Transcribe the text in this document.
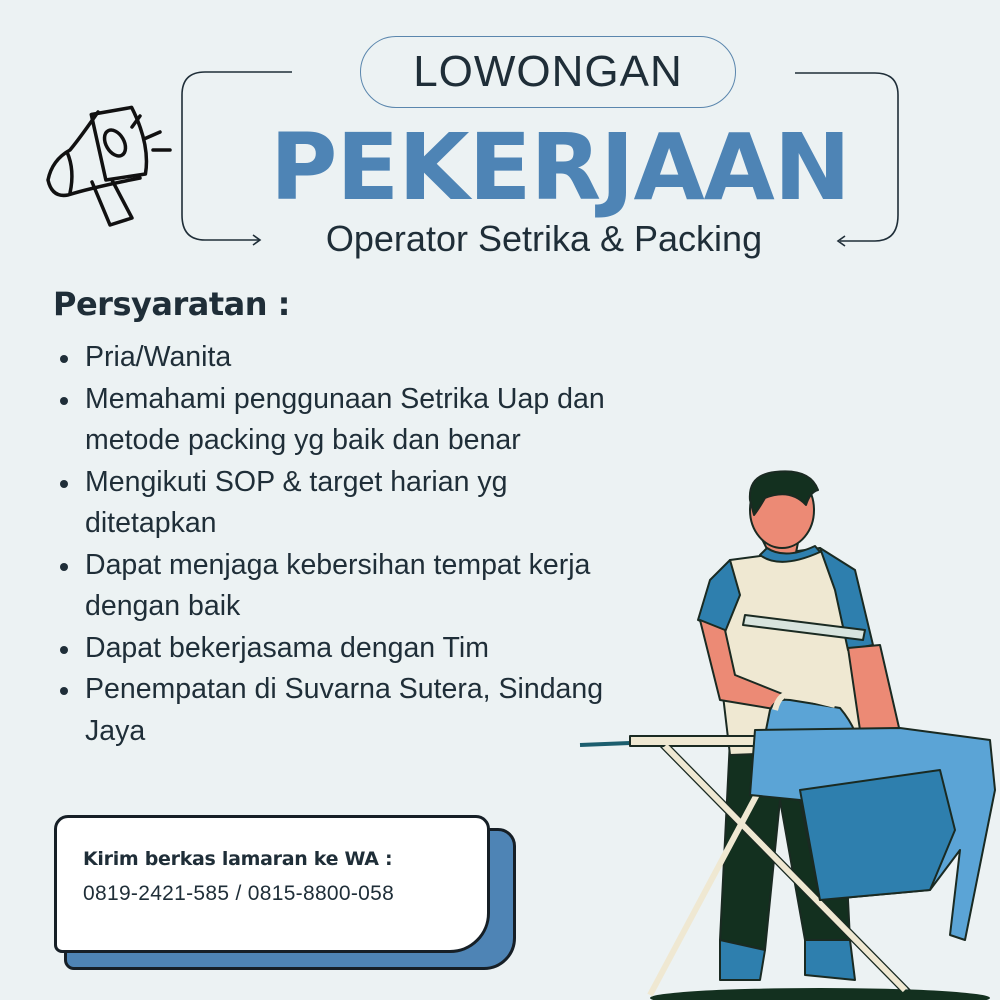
LOWONGAN
PEKERJAAN
Operator Setrika & Packing
Persyaratan :
Pria/Wanita
Memahami penggunaan Setrika Uap dan metode packing yg baik dan benar
Mengikuti SOP & target harian yg ditetapkan
Dapat menjaga kebersihan tempat kerja dengan baik
Dapat bekerjasama dengan Tim
Penempatan di Suvarna Sutera, Sindang Jaya
Kirim berkas lamaran ke WA :
0819-2421-585 / 0815-8800-058
